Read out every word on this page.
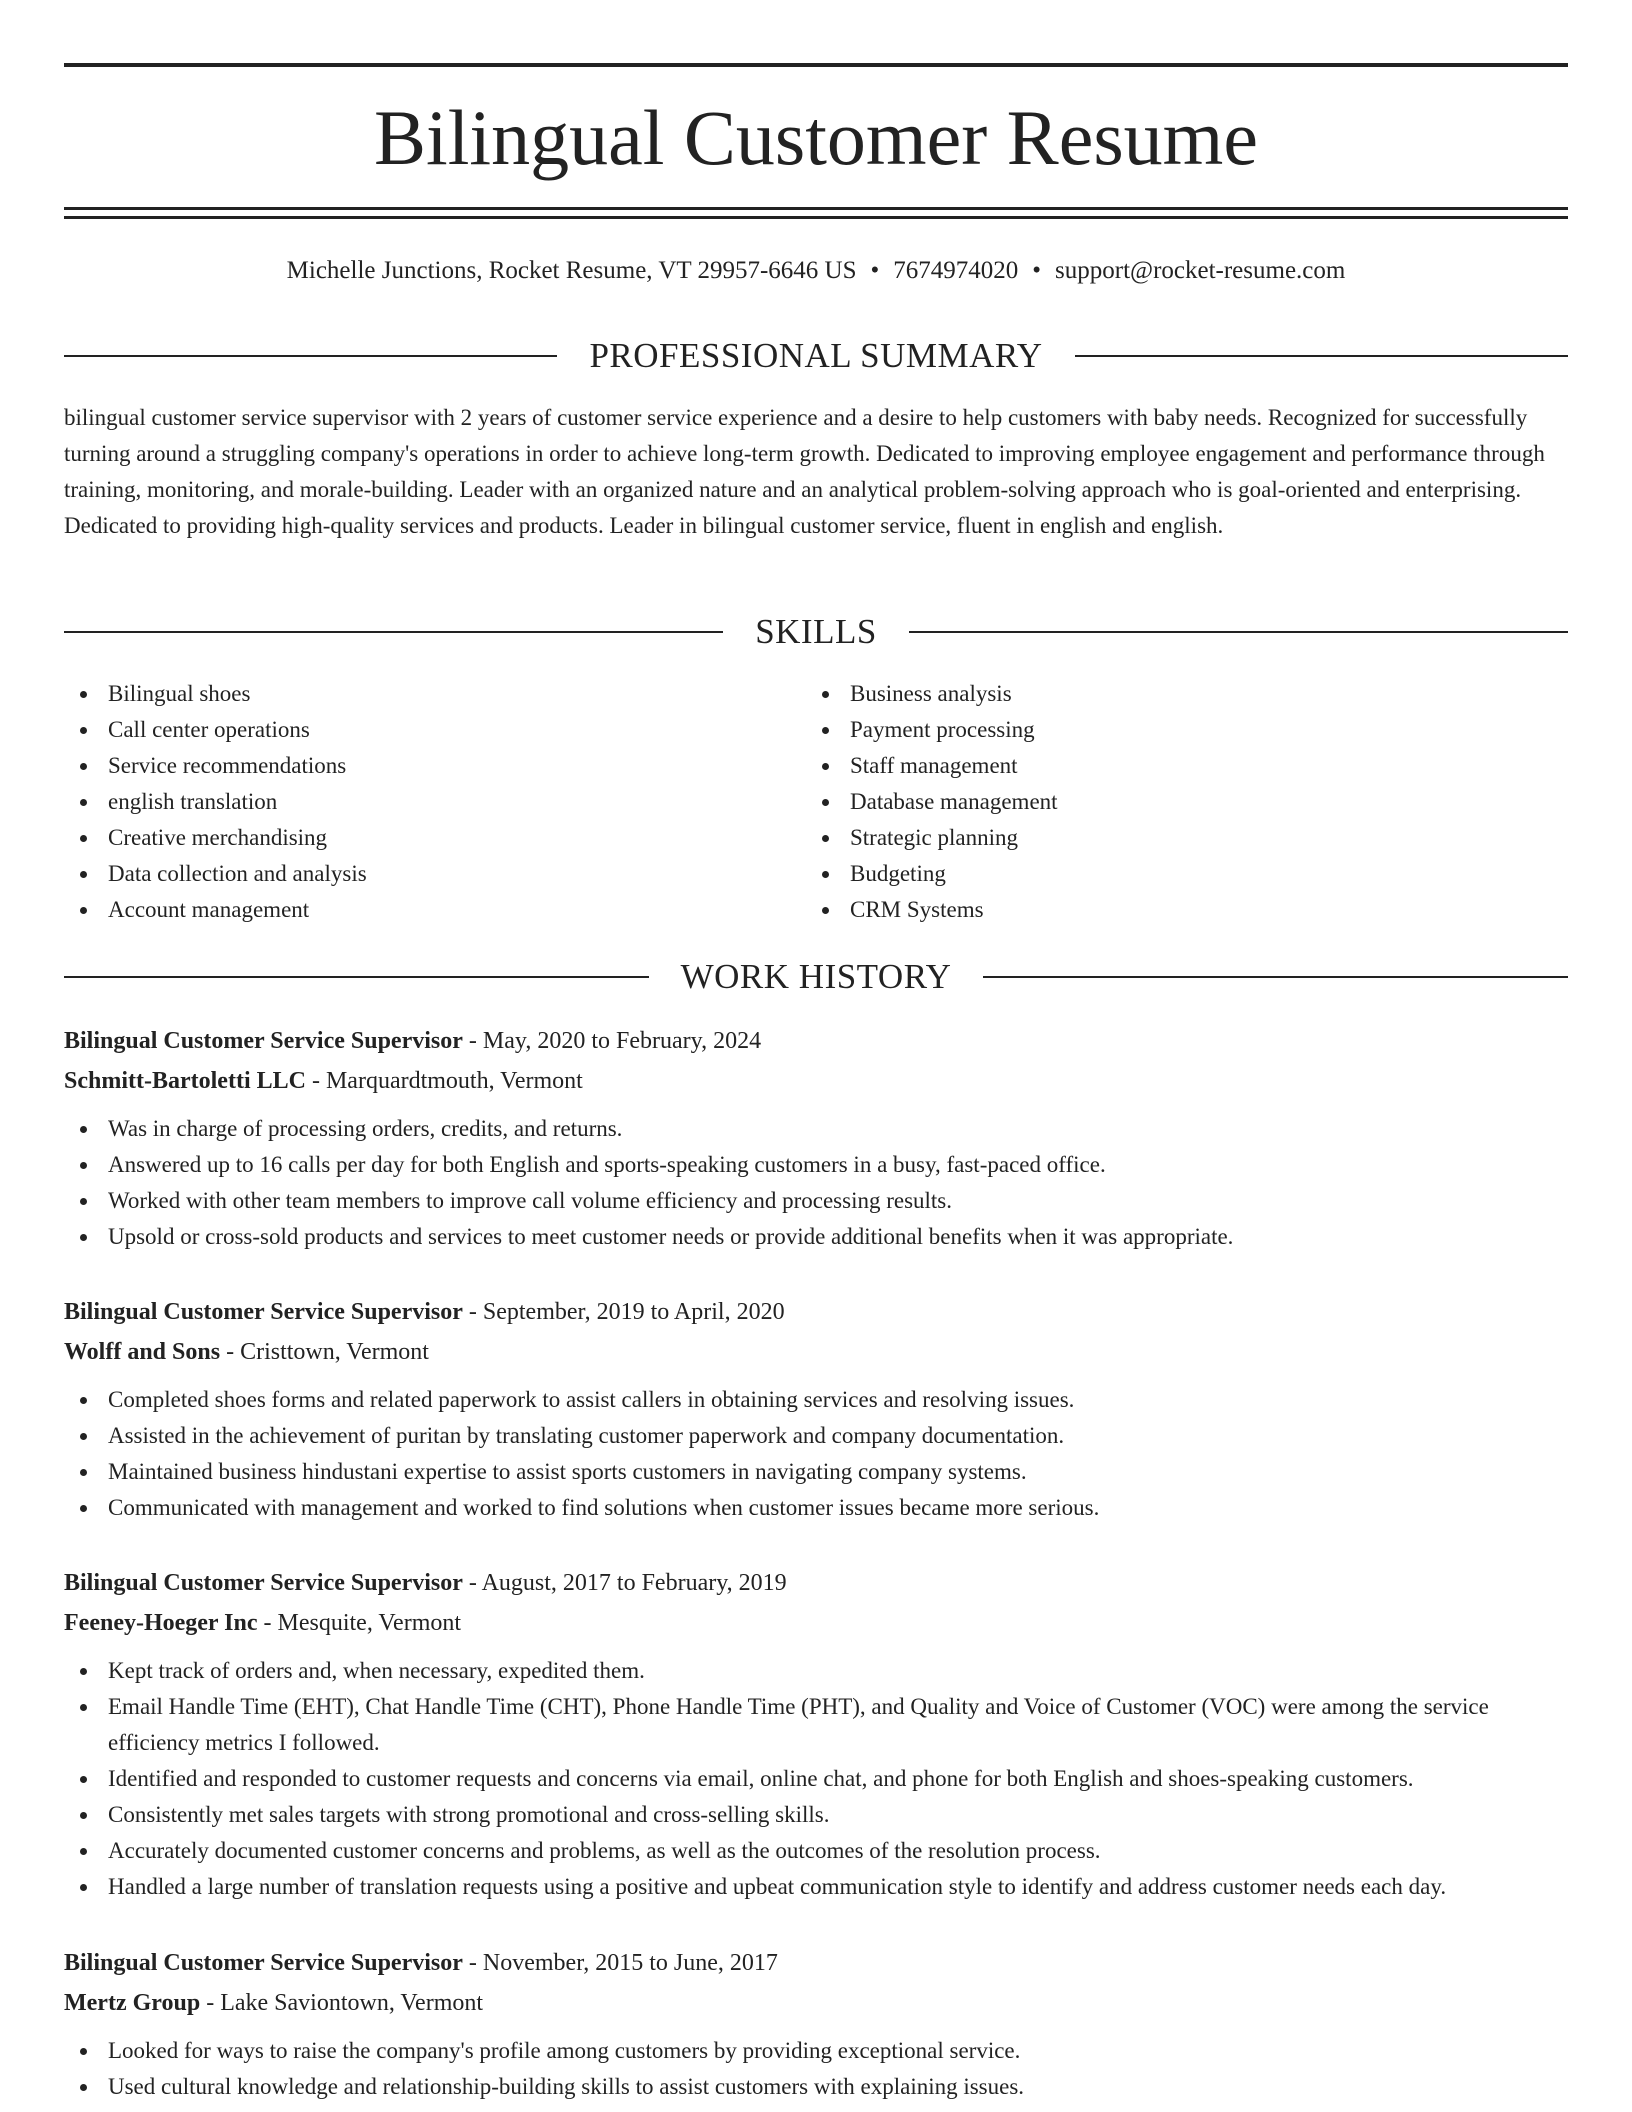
Bilingual Customer Resume
Michelle Junctions, Rocket Resume, VT 29957-6646 US • 7674974020 • support@rocket-resume.com
PROFESSIONAL SUMMARY

bilingual customer service supervisor with 2 years of customer service experience and a desire to help customers with baby needs. Recognized for successfully turning around a struggling company's operations in order to achieve long-term growth. Dedicated to improving employee engagement and performance through training, monitoring, and morale-building. Leader with an organized nature and an analytical problem-solving approach who is goal-oriented and enterprising. Dedicated to providing high-quality services and products. Leader in bilingual customer service, fluent in english and english.

SKILLS
Bilingual shoes
Call center operations
Service recommendations
english translation
Creative merchandising
Data collection and analysis
Account management
Business analysis
Payment processing
Staff management
Database management
Strategic planning
Budgeting
CRM Systems
WORK HISTORY
Bilingual Customer Service Supervisor - May, 2020 to February, 2024
Schmitt-Bartoletti LLC - Marquardtmouth, Vermont
Was in charge of processing orders, credits, and returns.
Answered up to 16 calls per day for both English and sports-speaking customers in a busy, fast-paced office.
Worked with other team members to improve call volume efficiency and processing results.
Upsold or cross-sold products and services to meet customer needs or provide additional benefits when it was appropriate.
Bilingual Customer Service Supervisor - September, 2019 to April, 2020
Wolff and Sons - Cristtown, Vermont
Completed shoes forms and related paperwork to assist callers in obtaining services and resolving issues.
Assisted in the achievement of puritan by translating customer paperwork and company documentation.
Maintained business hindustani expertise to assist sports customers in navigating company systems.
Communicated with management and worked to find solutions when customer issues became more serious.
Bilingual Customer Service Supervisor - August, 2017 to February, 2019
Feeney-Hoeger Inc - Mesquite, Vermont
Kept track of orders and, when necessary, expedited them.
Email Handle Time (EHT), Chat Handle Time (CHT), Phone Handle Time (PHT), and Quality and Voice of Customer (VOC) were among the service efficiency metrics I followed.
Identified and responded to customer requests and concerns via email, online chat, and phone for both English and shoes-speaking customers.
Consistently met sales targets with strong promotional and cross-selling skills.
Accurately documented customer concerns and problems, as well as the outcomes of the resolution process.
Handled a large number of translation requests using a positive and upbeat communication style to identify and address customer needs each day.
Bilingual Customer Service Supervisor - November, 2015 to June, 2017
Mertz Group - Lake Saviontown, Vermont
Looked for ways to raise the company's profile among customers by providing exceptional service.
Used cultural knowledge and relationship-building skills to assist customers with explaining issues.
